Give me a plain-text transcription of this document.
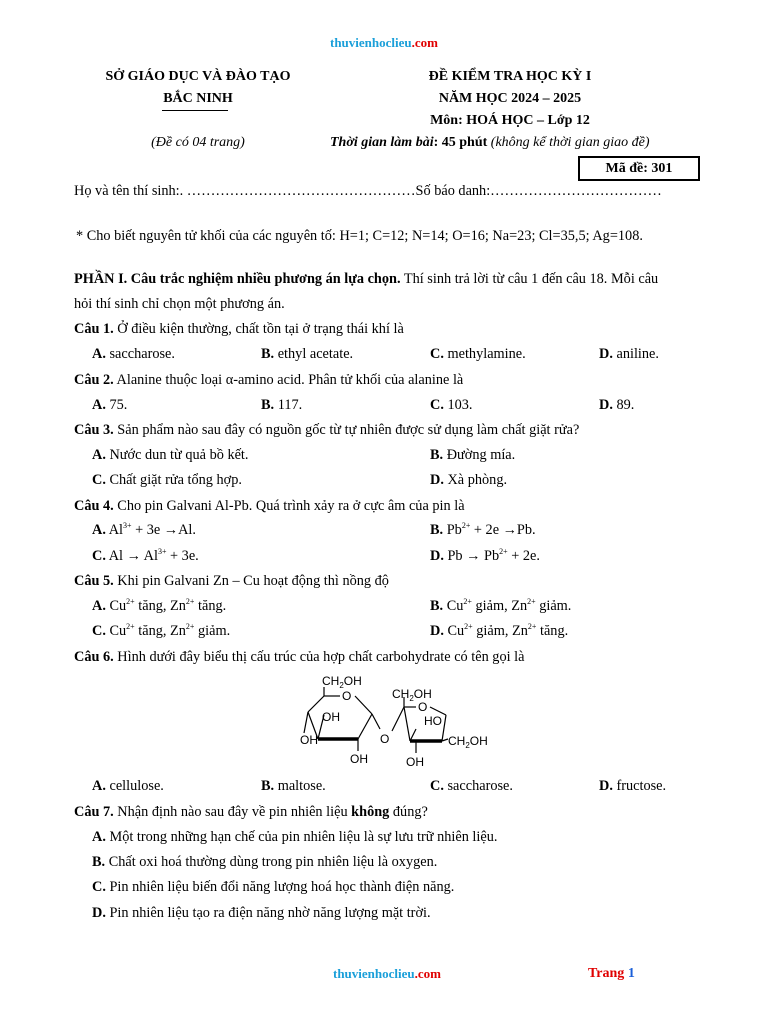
thuvienhoclieu.com
SỞ GIÁO DỤC VÀ ĐÀO TẠO
BẮC NINH
(Đề có 04 trang)
ĐỀ KIỂM TRA HỌC KỲ I
NĂM HỌC 2024 – 2025
Môn: HOÁ HỌC – Lớp 12
Thời gian làm bài: 45 phút (không kể thời gian giao đề)
Mã đề: 301
Họ và tên thí sinh:. …………………………………………Số báo danh:………………………………
* Cho biết nguyên tử khối của các nguyên tố: H=1; C=12; N=14; O=16; Na=23; Cl=35,5; Ag=108.
PHẦN I. Câu trắc nghiệm nhiều phương án lựa chọn. Thí sinh trả lời từ câu 1 đến câu 18. Mỗi câu
hỏi thí sinh chỉ chọn một phương án.
Câu 1. Ở điều kiện thường, chất tồn tại ở trạng thái khí là
A. saccharose.	B. ethyl acetate.	C. methylamine.	D. aniline.
Câu 2. Alanine thuộc loại α-amino acid. Phân tử khối của alanine là
A. 75.	B. 117.	C. 103.	D. 89.
Câu 3. Sản phẩm nào sau đây có nguồn gốc từ tự nhiên được sử dụng làm chất giặt rửa?
A. Nước dun từ quả bồ kết.	B. Đường mía.
C. Chất giặt rửa tổng hợp.	D. Xà phòng.
Câu 4. Cho pin Galvani Al-Pb. Quá trình xảy ra ở cực âm của pin là
A. $Al^{3+} + 3e \to Al$.	B. $Pb^{2+} + 2e \to Pb$.
C. $Al \to Al^{3+} + 3e$.	D. $Pb \to Pb^{2+} + 2e$.
Câu 5. Khi pin Galvani Zn – Cu hoạt động thì nồng độ
A. $Cu^{2+}$ tăng, $Zn^{2+}$ tăng.	B. $Cu^{2+}$ giảm, $Zn^{2+}$ giảm.
C. $Cu^{2+}$ tăng, $Zn^{2+}$ giảm.	D. $Cu^{2+}$ giảm, $Zn^{2+}$ tăng.
Câu 6. Hình dưới đây biểu thị cấu trúc của hợp chất carbohydrate có tên gọi là
$CH_2OH$
O
OH
OH
OH
O
$CH_2OH$
O
HO
$CH_2OH$
OH
A. cellulose.	B. maltose.	C. saccharose.	D. fructose.
Câu 7. Nhận định nào sau đây về pin nhiên liệu không đúng?
A. Một trong những hạn chế của pin nhiên liệu là sự lưu trữ nhiên liệu.
B. Chất oxi hoá thường dùng trong pin nhiên liệu là oxygen.
C. Pin nhiên liệu biến đổi năng lượng hoá học thành điện năng.
D. Pin nhiên liệu tạo ra điện năng nhờ năng lượng mặt trời.
thuvienhoclieu.com	Trang 1
